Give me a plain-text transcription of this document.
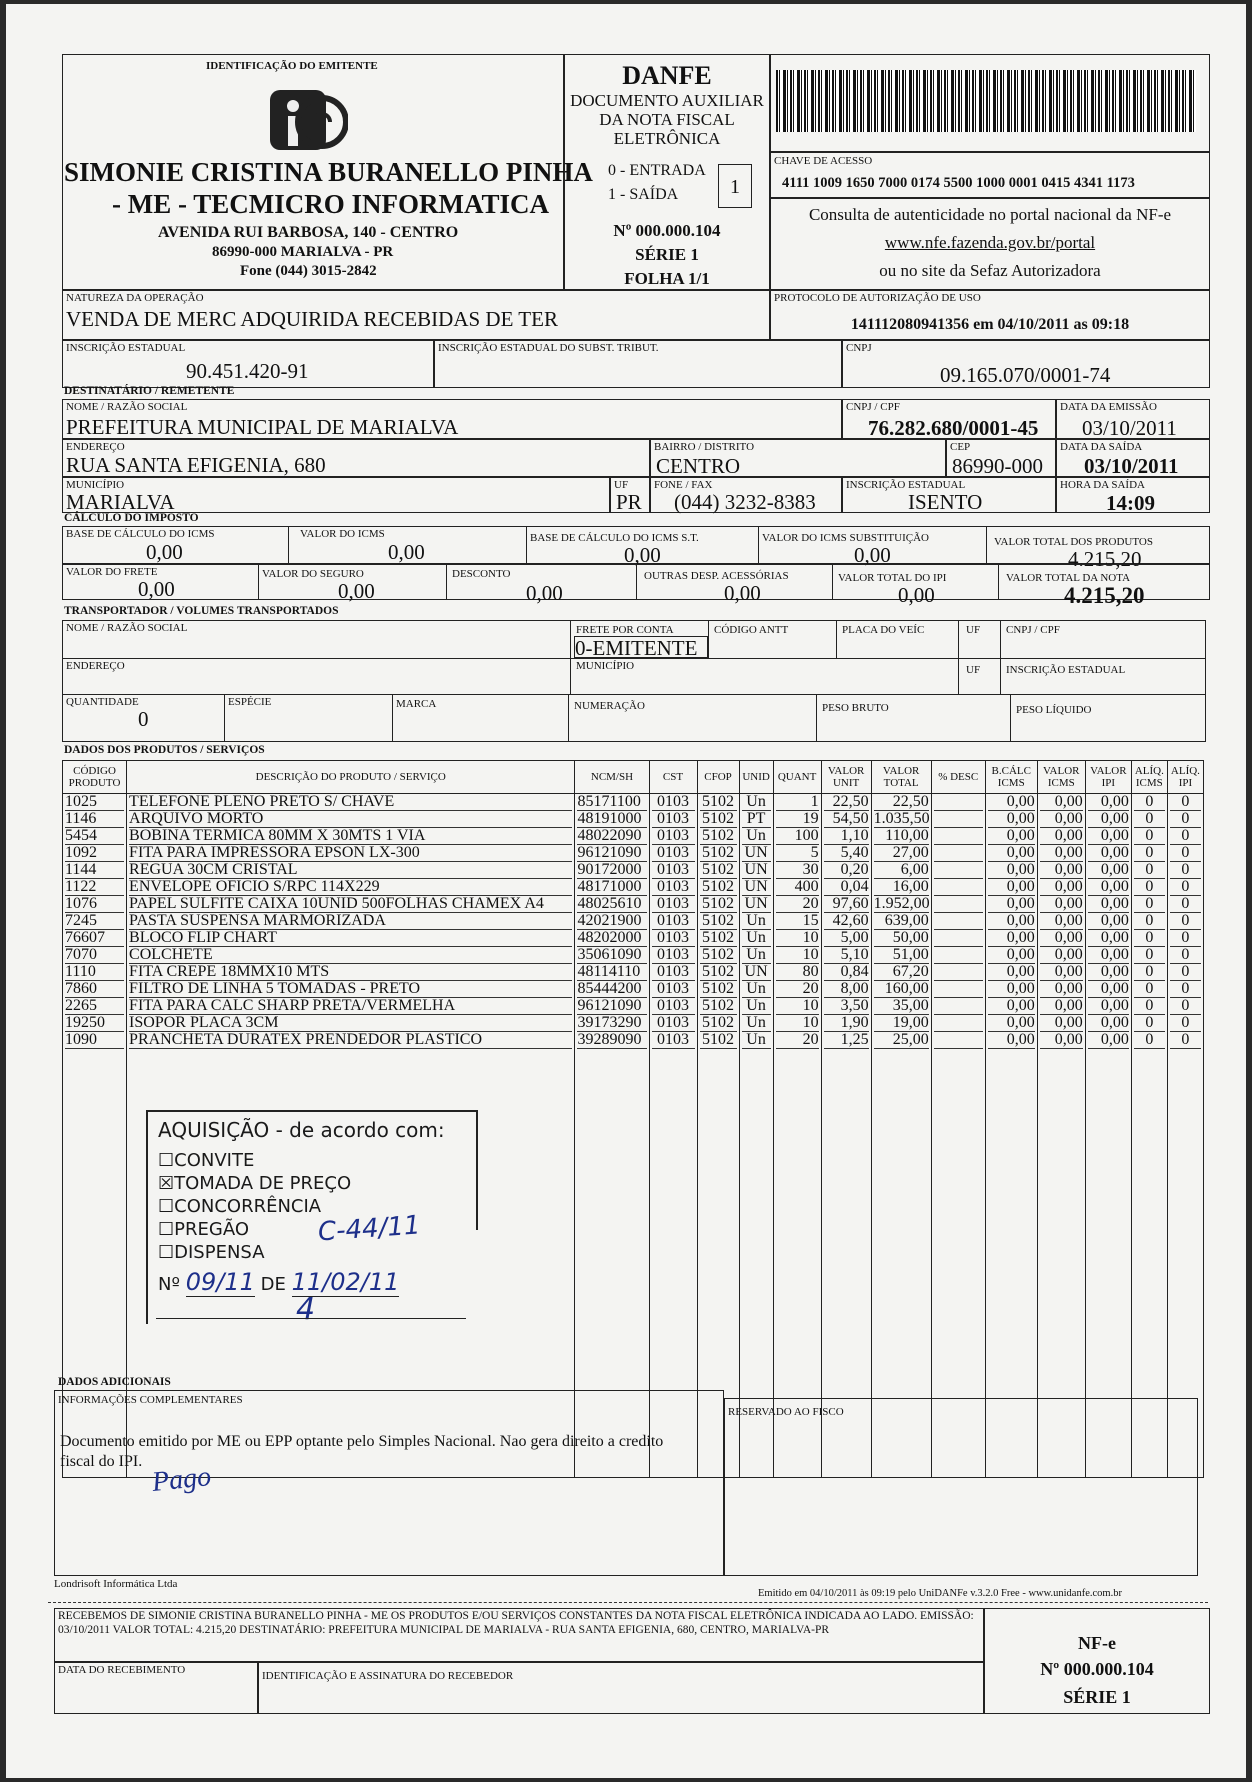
IDENTIFICAÇÃO DO EMITENTE
SIMONIE CRISTINA BURANELLO PINHA
- ME - TECMICRO INFORMATICA
AVENIDA RUI BARBOSA, 140 - CENTRO
86990-000 MARIALVA - PR
Fone (044) 3015-2842
DANFE
DOCUMENTO AUXILIAR
DA NOTA FISCAL
ELETRÔNICA
0 - ENTRADA
1 - SAÍDA	1
Nº 000.000.104
SÉRIE 1
FOLHA 1/1
CHAVE DE ACESSO
4111 1009 1650 7000 0174 5500 1000 0001 0415 4341 1173
Consulta de autenticidade no portal nacional da NF-e
www.nfe.fazenda.gov.br/portal
ou no site da Sefaz Autorizadora
NATUREZA DA OPERAÇÃO
VENDA DE MERC ADQUIRIDA RECEBIDAS DE TER
PROTOCOLO DE AUTORIZAÇÃO DE USO
141112080941356 em 04/10/2011 as 09:18
INSCRIÇÃO ESTADUAL
90.451.420-91
INSCRIÇÃO ESTADUAL DO SUBST. TRIBUT.	CNPJ
09.165.070/0001-74
DESTINATÁRIO / REMETENTE
NOME / RAZÃO SOCIAL
PREFEITURA MUNICIPAL DE MARIALVA
CNPJ / CPF
76.282.680/0001-45
DATA DA EMISSÃO
03/10/2011
ENDEREÇO
RUA SANTA EFIGENIA, 680
BAIRRO / DISTRITO
CENTRO
CEP
86990-000
DATA DA SAÍDA
03/10/2011
MUNICÍPIO
MARIALVA
UF
PR
FONE / FAX
(044) 3232-8383
INSCRIÇÃO ESTADUAL
ISENTO
HORA DA SAÍDA
14:09
CÁLCULO DO IMPOSTO
BASE DE CÁLCULO DO ICMS
0,00
VALOR DO ICMS
0,00
BASE DE CÁLCULO DO ICMS S.T.
0,00
VALOR DO ICMS SUBSTITUIÇÃO
0,00
VALOR TOTAL DOS PRODUTOS
4.215,20
VALOR DO FRETE
0,00
VALOR DO SEGURO
0,00
DESCONTO
0,00
OUTRAS DESP. ACESSÓRIAS
0,00
VALOR TOTAL DO IPI
0,00
VALOR TOTAL DA NOTA
4.215,20
TRANSPORTADOR / VOLUMES TRANSPORTADOS
NOME / RAZÃO SOCIAL	FRETE POR CONTA
0-EMITENTE
CÓDIGO ANTT	PLACA DO VEÍC	UF CNPJ / CPF
ENDEREÇO	MUNICÍPIO	UF INSCRIÇÃO ESTADUAL
QUANTIDADE
0
ESPÉCIE	MARCA	NUMERAÇÃO	PESO BRUTO	PESO LÍQUIDO
DADOS DOS PRODUTOS / SERVIÇOS
CÓDIGO PRODUTO	DESCRIÇÃO DO PRODUTO / SERVIÇO	NCM/SH	CST	CFOP	UNID	QUANT	VALOR UNIT	VALOR TOTAL	% DESC	B.CÁLC ICMS	VALOR ICMS	VALOR IPI	ALÍQ. ICMS	ALÍQ. IPI

1025	TELEFONE PLENO PRETO S/ CHAVE	85171100	0103	5102	Un	1	22,50	22,50		0,00	0,00	0,00	0	0

1146	ARQUIVO MORTO	48191000	0103	5102	PT	19	54,50	1.035,50		0,00	0,00	0,00	0	0

5454	BOBINA TERMICA 80MM X 30MTS 1 VIA	48022090	0103	5102	Un	100	1,10	110,00		0,00	0,00	0,00	0	0

1092	FITA PARA IMPRESSORA EPSON LX-300	96121090	0103	5102	UN	5	5,40	27,00		0,00	0,00	0,00	0	0

1144	REGUA 30CM CRISTAL	90172000	0103	5102	UN	30	0,20	6,00		0,00	0,00	0,00	0	0

1122	ENVELOPE OFICIO S/RPC 114X229	48171000	0103	5102	UN	400	0,04	16,00		0,00	0,00	0,00	0	0

1076	PAPEL SULFITE CAIXA 10UNID 500FOLHAS CHAMEX A4	48025610	0103	5102	UN	20	97,60	1.952,00		0,00	0,00	0,00	0	0

7245	PASTA SUSPENSA MARMORIZADA	42021900	0103	5102	Un	15	42,60	639,00		0,00	0,00	0,00	0	0

76607	BLOCO FLIP CHART	48202000	0103	5102	Un	10	5,00	50,00		0,00	0,00	0,00	0	0

7070	COLCHETE	35061090	0103	5102	Un	10	5,10	51,00		0,00	0,00	0,00	0	0

1110	FITA CREPE 18MMX10 MTS	48114110	0103	5102	UN	80	0,84	67,20		0,00	0,00	0,00	0	0

7860	FILTRO DE LINHA 5 TOMADAS - PRETO	85444200	0103	5102	Un	20	8,00	160,00		0,00	0,00	0,00	0	0

2265	FITA PARA CALC SHARP PRETA/VERMELHA	96121090	0103	5102	Un	10	3,50	35,00		0,00	0,00	0,00	0	0

19250	ISOPOR PLACA 3CM	39173290	0103	5102	Un	10	1,90	19,00		0,00	0,00	0,00	0	0

1090	PRANCHETA DURATEX PRENDEDOR PLASTICO	39289090	0103	5102	Un	20	1,25	25,00		0,00	0,00	0,00	0	0

AQUISIÇÃO - de acordo com:
☐CONVITE
☒TOMADA DE PREÇO
☐CONCORRÊNCIA
☐PREGÃO
☐DISPENSA
C-44/11
Nº 09/11 DE 11/02/11
4
DADOS ADICIONAIS
INFORMAÇÕES COMPLEMENTARES
Documento emitido por ME ou EPP optante pelo Simples Nacional. Nao gera direito a credito fiscal do IPI. Pago
RESERVADO AO FISCO
Londrisoft Informática Ltda
Emitido em 04/10/2011 às 09:19 pelo UniDANFe v.3.2.0 Free - www.unidanfe.com.br
RECEBEMOS DE SIMONIE CRISTINA BURANELLO PINHA - ME OS PRODUTOS E/OU SERVIÇOS CONSTANTES DA NOTA FISCAL ELETRÔNICA INDICADA AO LADO. EMISSÃO: 03/10/2011 VALOR TOTAL: 4.215,20 DESTINATÁRIO: PREFEITURA MUNICIPAL DE MARIALVA - RUA SANTA EFIGENIA, 680, CENTRO, MARIALVA-PR
DATA DO RECEBIMENTO	IDENTIFICAÇÃO E ASSINATURA DO RECEBEDOR
NF-e
Nº 000.000.104
SÉRIE 1
